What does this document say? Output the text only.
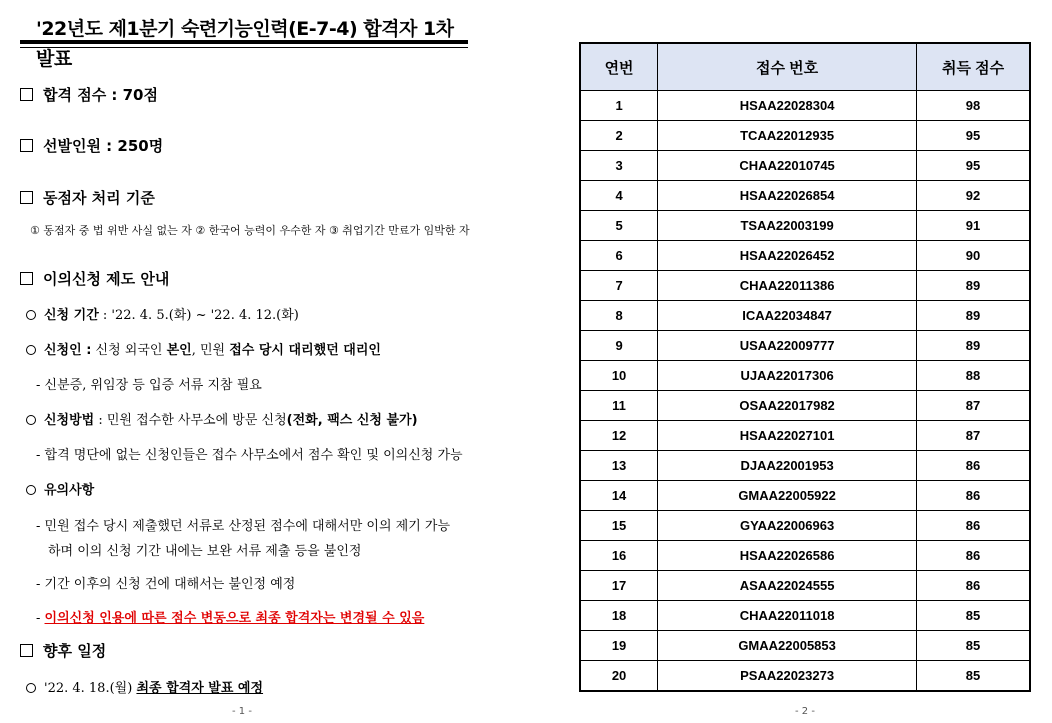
'22년도 제1분기 숙련기능인력(E-7-4) 합격자 1차 발표
합격 점수 : 70점
선발인원 : 250명
동점자 처리 기준
① 동점자 중 법 위반 사실 없는 자 ② 한국어 능력이 우수한 자 ③ 취업기간 만료가 임박한 자
이의신청 제도 안내
신청 기간 : '22. 4. 5.(화) ~ '22. 4. 12.(화)
신청인 : 신청 외국인 본인, 민원 접수 당시 대리했던 대리인
- 신분증, 위임장 등 입증 서류 지참 필요
신청방법 : 민원 접수한 사무소에 방문 신청(전화, 팩스 신청 불가)
- 합격 명단에 없는 신청인들은 접수 사무소에서 점수 확인 및 이의신청 가능
유의사항
- 민원 접수 당시 제출했던 서류로 산정된 점수에 대해서만 이의 제기 가능
하며 이의 신청 기간 내에는 보완 서류 제출 등을 불인정
- 기간 이후의 신청 건에 대해서는 불인정 예정
- 이의신청 인용에 따른 점수 변동으로 최종 합격자는 변경될 수 있음
향후 일정
'22. 4. 18.(월) 최종 합격자 발표 예정
- 1 -
연번	접수 번호	취득 점수
1	HSAA22028304	98
2	TCAA22012935	95
3	CHAA22010745	95
4	HSAA22026854	92
5	TSAA22003199	91
6	HSAA22026452	90
7	CHAA22011386	89
8	ICAA22034847	89
9	USAA22009777	89
10	UJAA22017306	88
11	OSAA22017982	87
12	HSAA22027101	87
13	DJAA22001953	86
14	GMAA22005922	86
15	GYAA22006963	86
16	HSAA22026586	86
17	ASAA22024555	86
18	CHAA22011018	85
19	GMAA22005853	85
20	PSAA22023273	85
- 2 -
